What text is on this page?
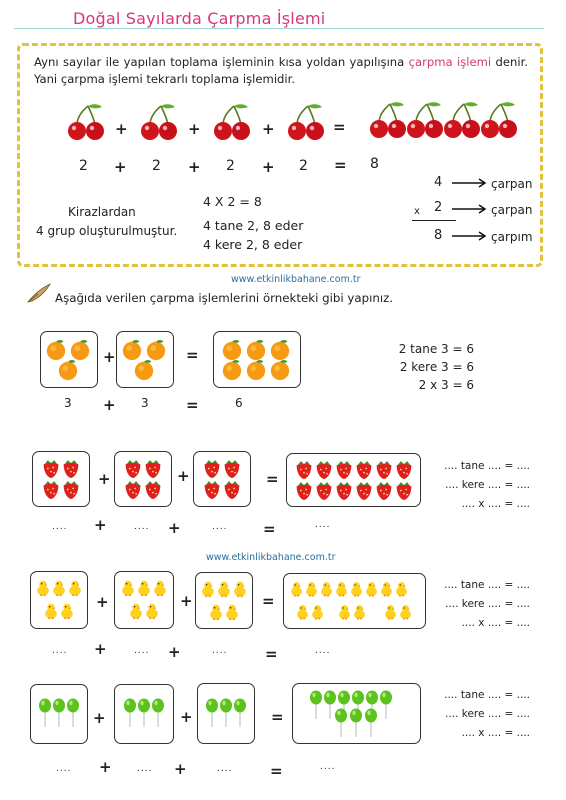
Doğal Sayılarda Çarpma İşlemi
Aynı sayılar ile yapılan toplama işleminin kısa yoldan yapılışına çarpma işlemi denir. Yani çarpma işlemi tekrarlı toplama işlemidir.
+	+	+	=
2 + 2 + 2 + 2 = 8
Kirazlardan
4 grup oluşturulmuştur.
4 X 2 = 8
4 tane 2, 8 eder
4 kere 2, 8 eder
4	çarpan
x 2	çarpan
8	çarpım
www.etkinlikbahane.com.tr
Aşağıda verilen çarpma işlemlerini örnekteki gibi yapınız.
+	=
3 + 3 =	6
2 tane 3 = 6
2 kere 3 = 6
2 x 3 = 6
+	+	=
.... tane .... = ....
.... kere .... = ....
.... x .... = ....
.... +	.... +	.... =	....
www.etkinlikbahane.com.tr
+	+	=
.... tane .... = ....
.... kere .... = ....
.... x .... = ....
.... +	.... +	....	=	....
+	+	=
.... tane .... = ....
.... kere .... = ....
.... x .... = ....
.... +	.... +	....	=	....
